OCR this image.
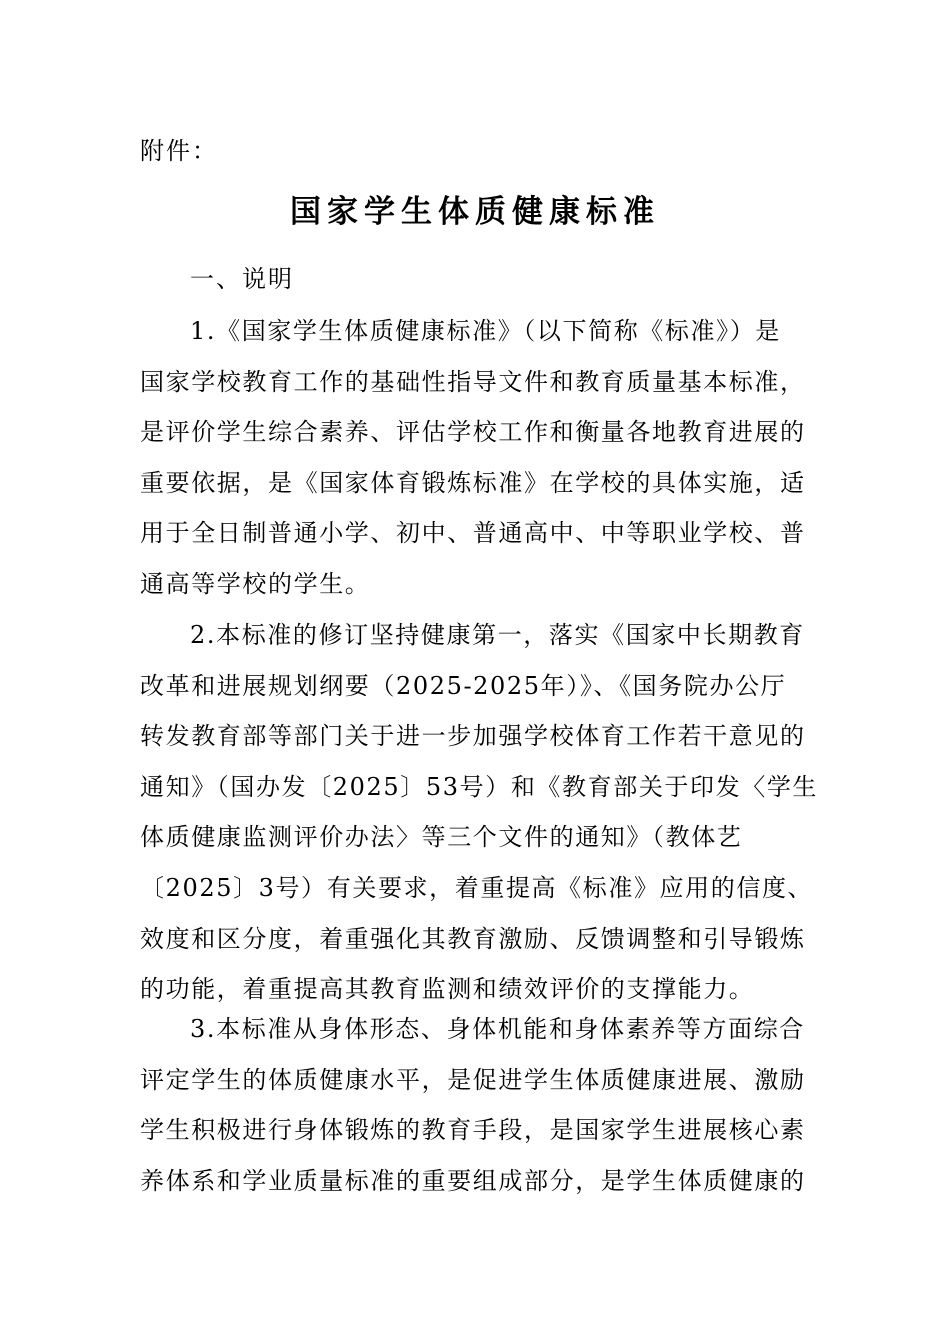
附件：
国家学生体质健康标准
一、说明
1.《国家学生体质健康标准》（以下简称《标准》）是
国家学校教育工作的基础性指导文件和教育质量基本标准，
是评价学生综合素养、评估学校工作和衡量各地教育进展的
重要依据，是《国家体育锻炼标准》在学校的具体实施，适
用于全日制普通小学、初中、普通高中、中等职业学校、普
通高等学校的学生。
2.本标准的修订坚持健康第一，落实《国家中长期教育
改革和进展规划纲要（2025-2025年）》、《国务院办公厅
转发教育部等部门关于进一步加强学校体育工作若干意见的
通知》（国办发〔2025〕53号）和《教育部关于印发〈学生
体质健康监测评价办法〉等三个文件的通知》（教体艺
〔2025〕3号）有关要求，着重提高《标准》应用的信度、
效度和区分度，着重强化其教育激励、反馈调整和引导锻炼
的功能，着重提高其教育监测和绩效评价的支撑能力。
3.本标准从身体形态、身体机能和身体素养等方面综合
评定学生的体质健康水平，是促进学生体质健康进展、激励
学生积极进行身体锻炼的教育手段，是国家学生进展核心素
养体系和学业质量标准的重要组成部分，是学生体质健康的
